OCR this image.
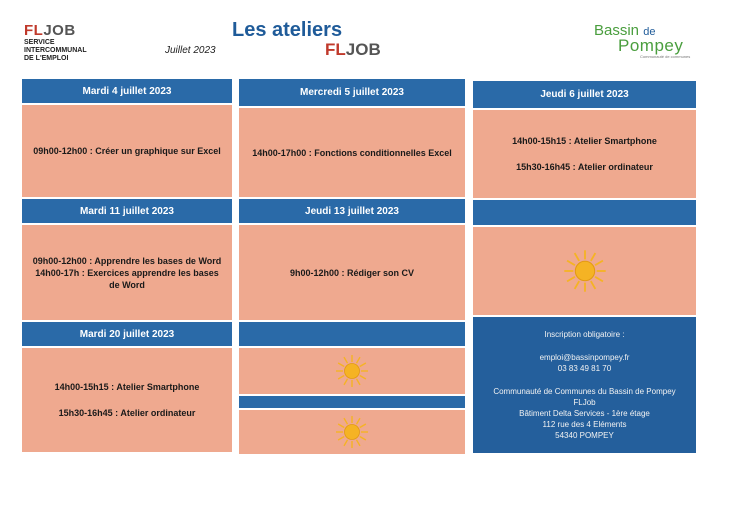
FLJOB
SERVICE
INTERCOMMUNAL
DE L'EMPLOI
Juillet 2023
Les ateliers
FLJOB
Bassin de
Pompey
Communauté de communes
Mardi 4 juillet 2023

09h00-12h00 : Créer un graphique sur Excel

Mardi 11 juillet 2023

09h00-12h00 : Apprendre les bases de Word

14h00-17h : Exercices apprendre les bases de Word

Mardi 20 juillet 2023

14h00-15h15 : Atelier Smartphone

15h30-16h45 : Atelier ordinateur

Mercredi 5 juillet 2023

14h00-17h00 : Fonctions conditionnelles Excel

Jeudi 13 juillet 2023

9h00-12h00 : Rédiger son CV

Jeudi 6 juillet 2023

14h00-15h15 : Atelier Smartphone

15h30-16h45 : Atelier ordinateur

Inscription obligatoire :

emploi@bassinpompey.fr

03 83 49 81 70

Communauté de Communes du Bassin de Pompey

FLJob

Bâtiment Delta Services - 1ère étage

112 rue des 4 Eléments

54340 POMPEY
